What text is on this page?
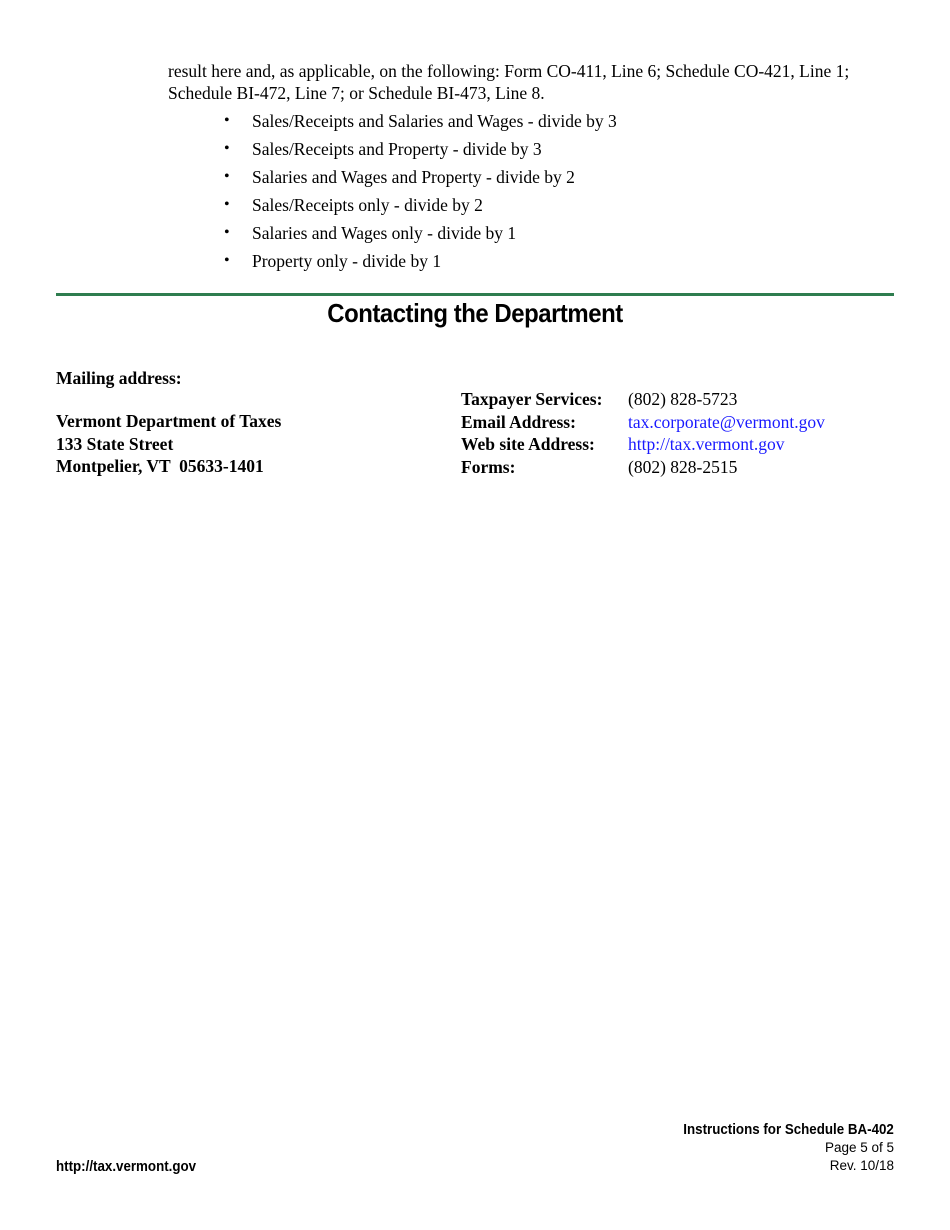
result here and, as applicable, on the following: Form CO-411, Line 6; Schedule CO-421, Line 1; Schedule BI-472, Line 7; or Schedule BI-473, Line 8.

• Sales/Receipts and Salaries and Wages - divide by 3
• Sales/Receipts and Property - divide by 3
• Salaries and Wages and Property - divide by 2
• Sales/Receipts only - divide by 2
• Salaries and Wages only - divide by 1
• Property only - divide by 1
Contacting the Department
Mailing address:
Vermont Department of Taxes
133 State Street
Montpelier, VT  05633-1401
Taxpayer Services:	(802) 828-5723
Email Address:	tax.corporate@vermont.gov
Web site Address:	http://tax.vermont.gov
Forms:	(802) 828-2515
http://tax.vermont.gov
Instructions for Schedule BA-402
Page 5 of 5
Rev. 10/18
